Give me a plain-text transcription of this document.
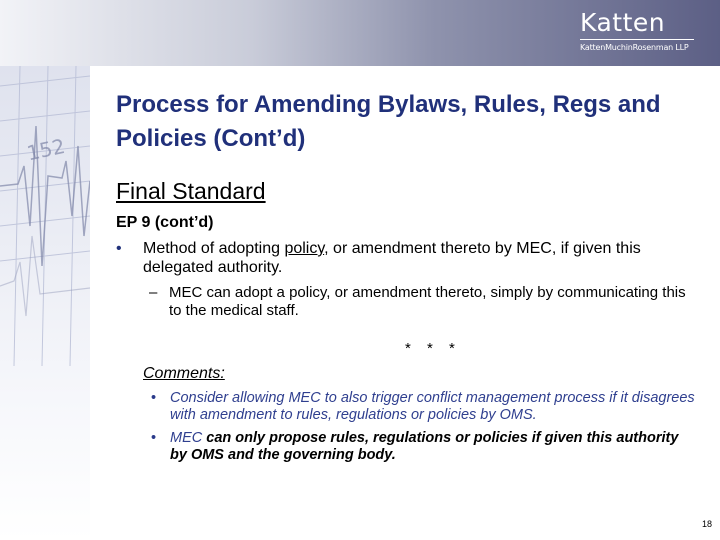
152
Katten
KattenMuchinRosenman LLP
Process for Amending Bylaws, Rules, Regs and Policies (Cont’d)
Final Standard
EP 9 (cont’d)
• Method of adopting policy, or amendment thereto by MEC, if given this delegated authority.
– MEC can adopt a policy, or amendment thereto, simply by communicating this to the medical staff.
* * *
Comments:
• Consider allowing MEC to also trigger conflict management process if it disagrees with amendment to rules, regulations or policies by OMS.
• MEC can only propose rules, regulations or policies if given this authority by OMS and the governing body.
18
